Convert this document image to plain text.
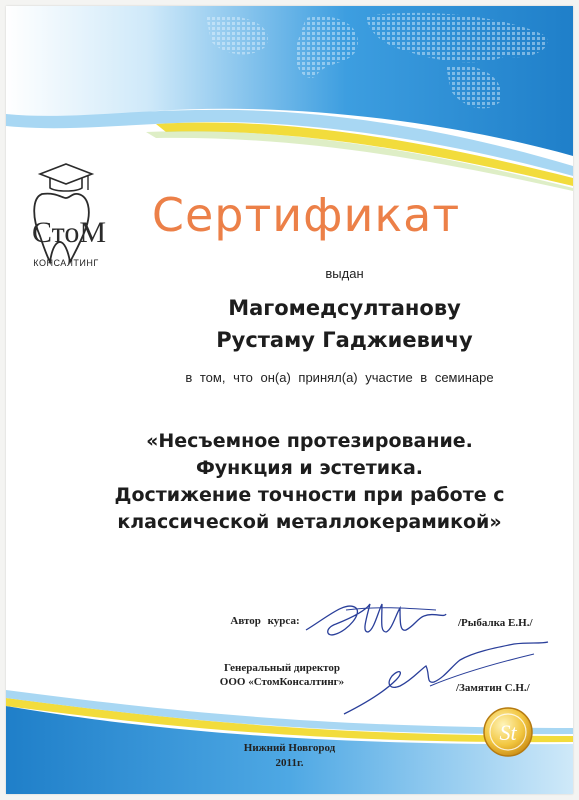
СтоМ
КОНСАЛТИНГ
Сертификат
выдан
Магомедсултанову
Рустаму Гаджиевичу
в том, что он(а) принял(а) участие в семинаре
«Несъемное протезирование.
Функция и эстетика.
Достижение точности при работе с
классической металлокерамикой»
Автор курса:	/Рыбалка Е.Н./
Генеральный директор
ООО «СтомКонсалтинг»	/Замятин С.Н./
St
Нижний Новгород
2011г.
